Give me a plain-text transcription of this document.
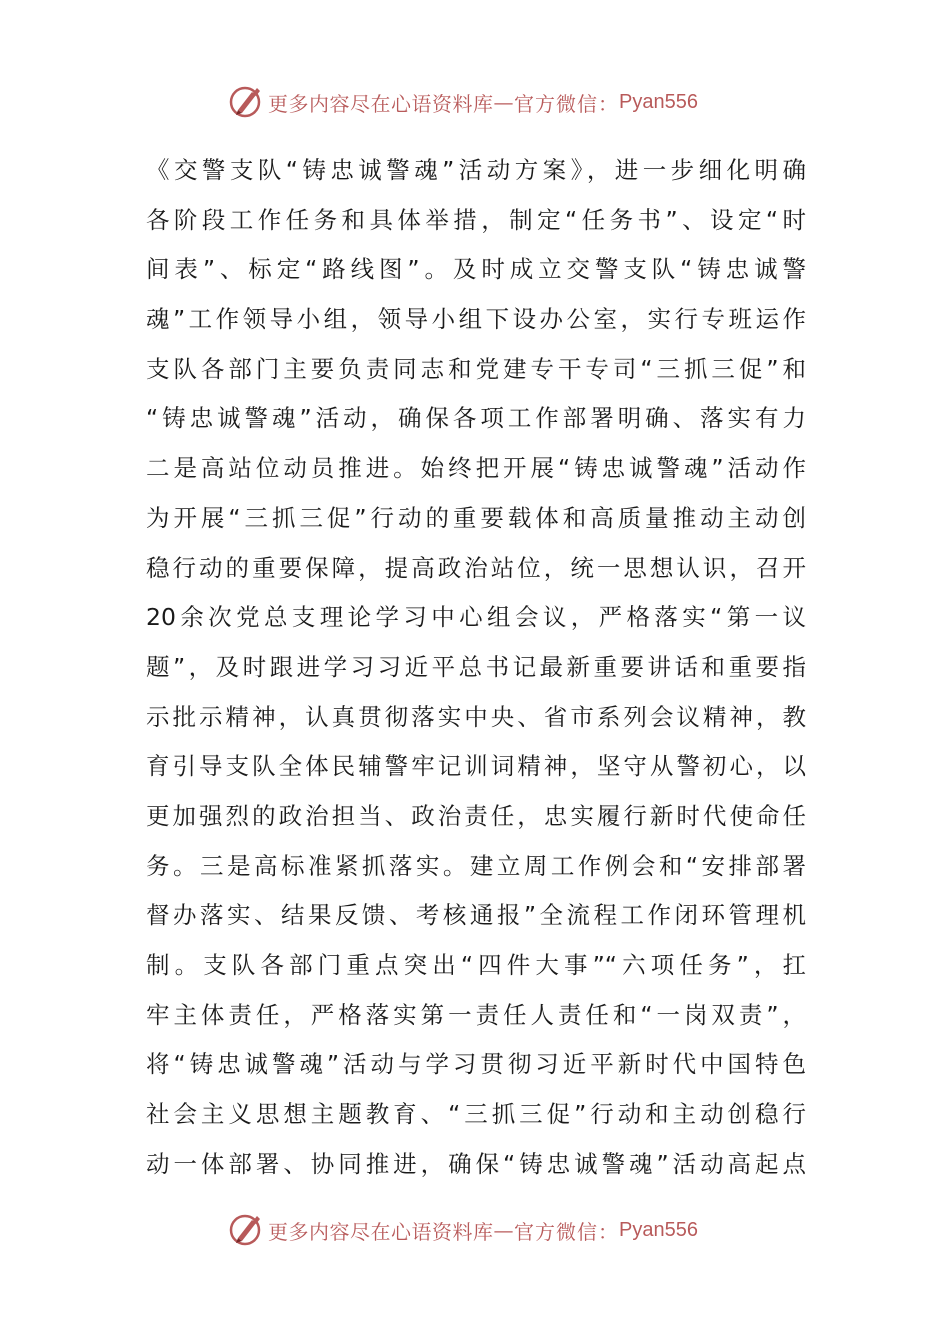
更多内容尽在心语资料库 — 官方微信： Pyan556
《交警支队“铸忠诚警魂”活动方案》，进一步细化明确
各阶段工作任务和具体举措，制定“任务书”、设定“时
间表”、标定“路线图”。及时成立交警支队“铸忠诚警
魂”工作领导小组，领导小组下设办公室，实行专班运作
支队各部门主要负责同志和党建专干专司“三抓三促”和
“铸忠诚警魂”活动，确保各项工作部署明确、落实有力
二是高站位动员推进。始终把开展“铸忠诚警魂”活动作
为开展“三抓三促”行动的重要载体和高质量推动主动创
稳行动的重要保障，提高政治站位，统一思想认识，召开
20余次党总支理论学习中心组会议，严格落实“第一议
题”，及时跟进学习习近平总书记最新重要讲话和重要指
示批示精神，认真贯彻落实中央、省市系列会议精神，教
育引导支队全体民辅警牢记训词精神，坚守从警初心，以
更加强烈的政治担当、政治责任，忠实履行新时代使命任
务。三是高标准紧抓落实。建立周工作例会和“安排部署
督办落实、结果反馈、考核通报”全流程工作闭环管理机
制。支队各部门重点突出“四件大事”“六项任务”，扛
牢主体责任，严格落实第一责任人责任和“一岗双责”，
将“铸忠诚警魂”活动与学习贯彻习近平新时代中国特色
社会主义思想主题教育、“三抓三促”行动和主动创稳行
动一体部署、协同推进，确保“铸忠诚警魂”活动高起点
更多内容尽在心语资料库 — 官方微信： Pyan556
